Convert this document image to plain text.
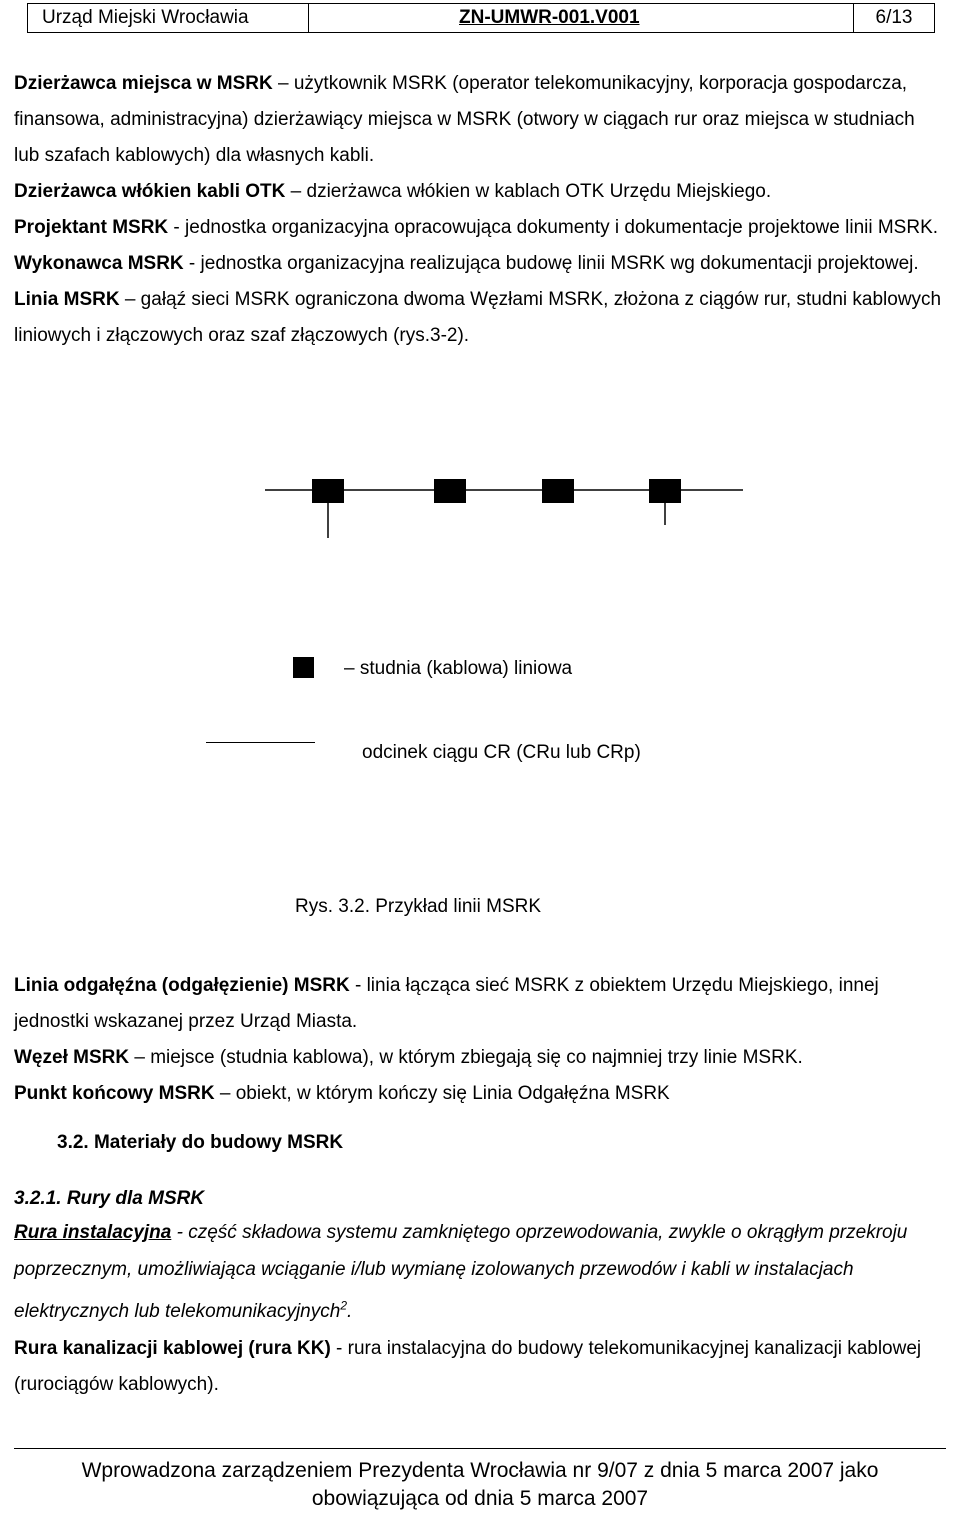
Urząd Miejski Wrocławia	ZN-UMWR-001.V001	6/13

Dzierżawca miejsca w MSRK – użytkownik MSRK (operator telekomunikacyjny, korporacja gospodarcza, finansowa, administracyjna) dzierżawiący miejsca w MSRK (otwory w ciągach rur oraz miejsca w studniach lub szafach kablowych) dla własnych kabli.

Dzierżawca włókien kabli OTK – dzierżawca włókien w kablach OTK Urzędu Miejskiego.

Projektant MSRK - jednostka organizacyjna opracowująca dokumenty i dokumentacje projektowe linii MSRK.

Wykonawca MSRK - jednostka organizacyjna realizująca budowę linii MSRK wg dokumentacji projektowej.

Linia MSRK – gałąź sieci MSRK ograniczona dwoma Węzłami MSRK, złożona z ciągów rur, studni kablowych liniowych i złączowych oraz szaf złączowych (rys.3-2).

– studnia (kablowa) liniowa
odcinek ciągu CR (CRu lub CRp)
Rys. 3.2. Przykład linii MSRK

Linia odgałęźna (odgałęzienie) MSRK - linia łącząca sieć MSRK z obiektem Urzędu Miejskiego, innej jednostki wskazanej przez Urząd Miasta.

Węzeł MSRK – miejsce (studnia kablowa), w którym zbiegają się co najmniej trzy linie MSRK.

Punkt końcowy MSRK – obiekt, w którym kończy się Linia Odgałęźna MSRK

3.2. Materiały do budowy MSRK
3.2.1. Rury dla MSRK

Rura instalacyjna - część składowa systemu zamkniętego oprzewodowania, zwykle o okrągłym przekroju poprzecznym, umożliwiająca wciąganie i/lub wymianę izolowanych przewodów i kabli w instalacjach elektrycznych lub telekomunikacyjnych$^2$.

Rura kanalizacji kablowej (rura KK) - rura instalacyjna do budowy telekomunikacyjnej kanalizacji kablowej (rurociągów kablowych).

Wprowadzona zarządzeniem Prezydenta Wrocławia nr 9/07 z dnia 5 marca 2007 jako
obowiązująca od dnia 5 marca 2007
